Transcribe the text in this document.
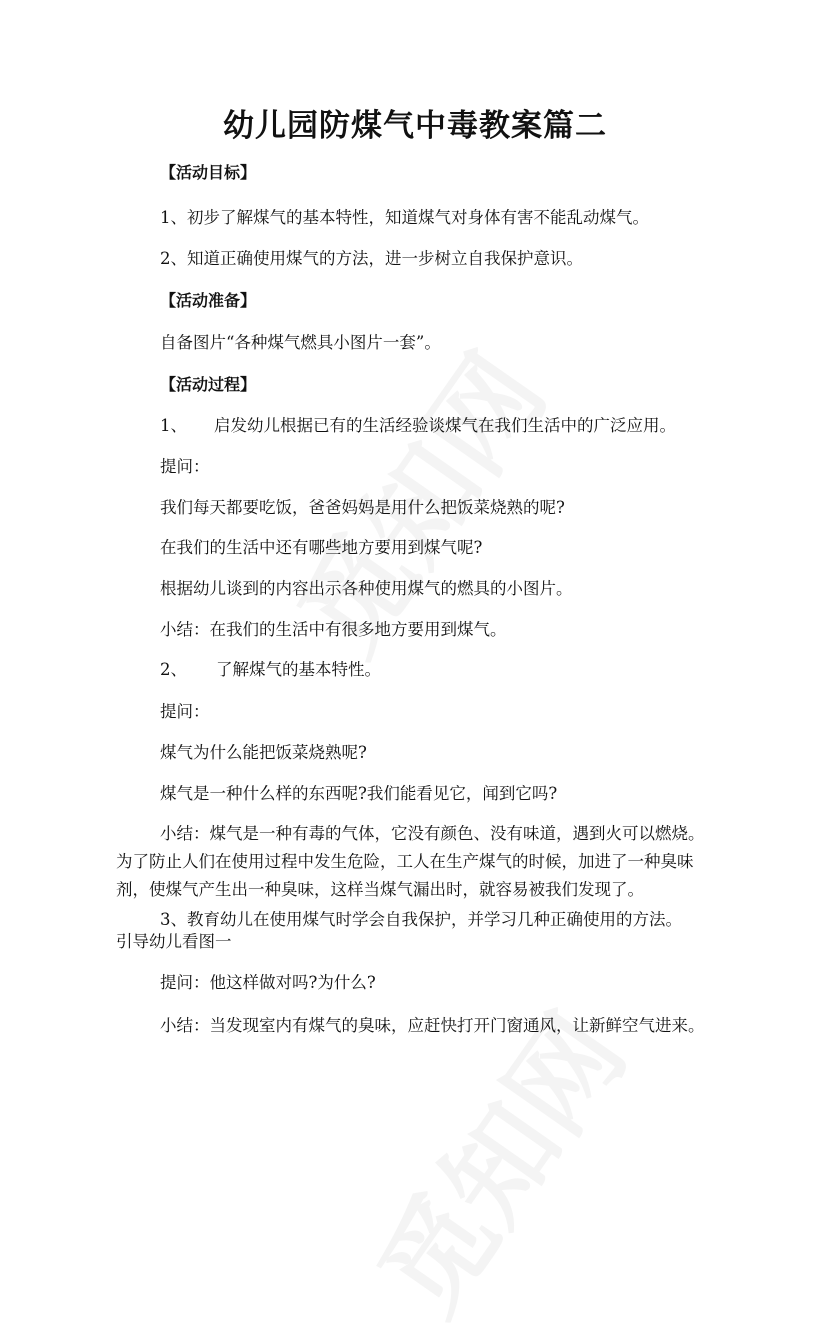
幼儿园防煤气中毒教案篇二
【活动目标】
1、初步了解煤气的基本特性，知道煤气对身体有害不能乱动煤气。
2、知道正确使用煤气的方法，进一步树立自我保护意识。
【活动准备】
自备图片“各种煤气燃具小图片一套”。
【活动过程】
1、 启发幼儿根据已有的生活经验谈煤气在我们生活中的广泛应用。
提问：
我们每天都要吃饭，爸爸妈妈是用什么把饭菜烧熟的呢?
在我们的生活中还有哪些地方要用到煤气呢?
根据幼儿谈到的内容出示各种使用煤气的燃具的小图片。
小结：在我们的生活中有很多地方要用到煤气。
2、 了解煤气的基本特性。
提问：
煤气为什么能把饭菜烧熟呢?
煤气是一种什么样的东西呢?我们能看见它，闻到它吗?

小结：煤气是一种有毒的气体，它没有颜色、没有味道，遇到火可以燃烧。为了防止人们在使用过程中发生危险，工人在生产煤气的时候，加进了一种臭味剂，使煤气产生出一种臭味，这样当煤气漏出时，就容易被我们发现了。

3、教育幼儿在使用煤气时学会自我保护，并学习几种正确使用的方法。
引导幼儿看图一
提问：他这样做对吗?为什么?
小结：当发现室内有煤气的臭味，应赶快打开门窗通风，让新鲜空气进来。
